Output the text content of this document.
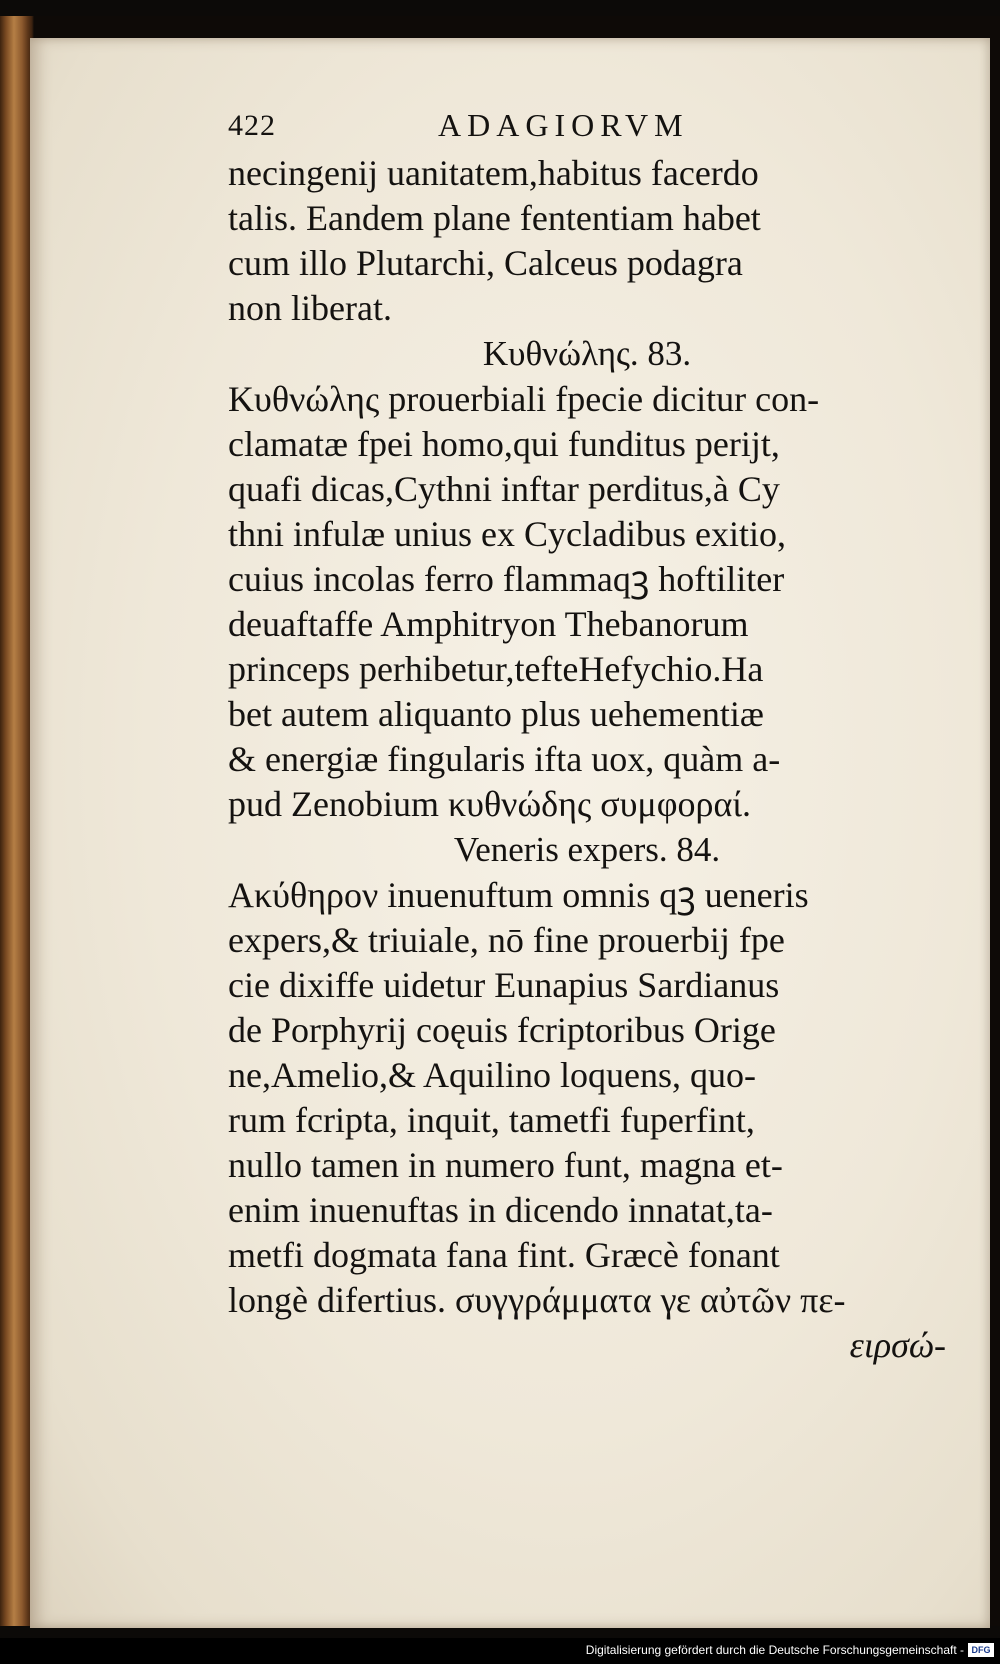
422	ADAGIORVM
necingenij uanitatem,habitus facerdo
talis. Eandem plane fententiam habet
cum illo Plutarchi, Calceus podagra
non liberat.
Κυθνώλης. 83.
Κυθνώλης prouerbiali fpecie dicitur con-
clamatæ fpei homo,qui funditus perijt,
quafi dicas,Cythni inftar perditus,à Cy
thni infulæ unius ex Cycladibus exitio,
cuius incolas ferro flammaqꝫ hoftiliter
deuaftaffe Amphitryon Thebanorum
princeps perhibetur,tefteHefychio.Ha
bet autem aliquanto plus uehementiæ
& energiæ fingularis ifta uox, quàm a-
pud Zenobium κυθνώδης συμφοραί.
Veneris expers. 84.
Ακύθηρον inuenuftum omnis qꝫ ueneris
expers,& triuiale, nō fine prouerbij fpe
cie dixiffe uidetur Eunapius Sardianus
de Porphyrij coęuis fcriptoribus Orige
ne,Amelio,& Aquilino loquens, quo-
rum fcripta, inquit, tametfi fuperfint,
nullo tamen in numero funt, magna et-
enim inuenuftas in dicendo innatat,ta-
metfi dogmata fana fint. Græcè fonant
longè difertius. συγγράμματα γε αὐτῶν πε-
ειρσώ-
Digitalisierung gefördert durch die Deutsche Forschungsgemeinschaft - DFG
